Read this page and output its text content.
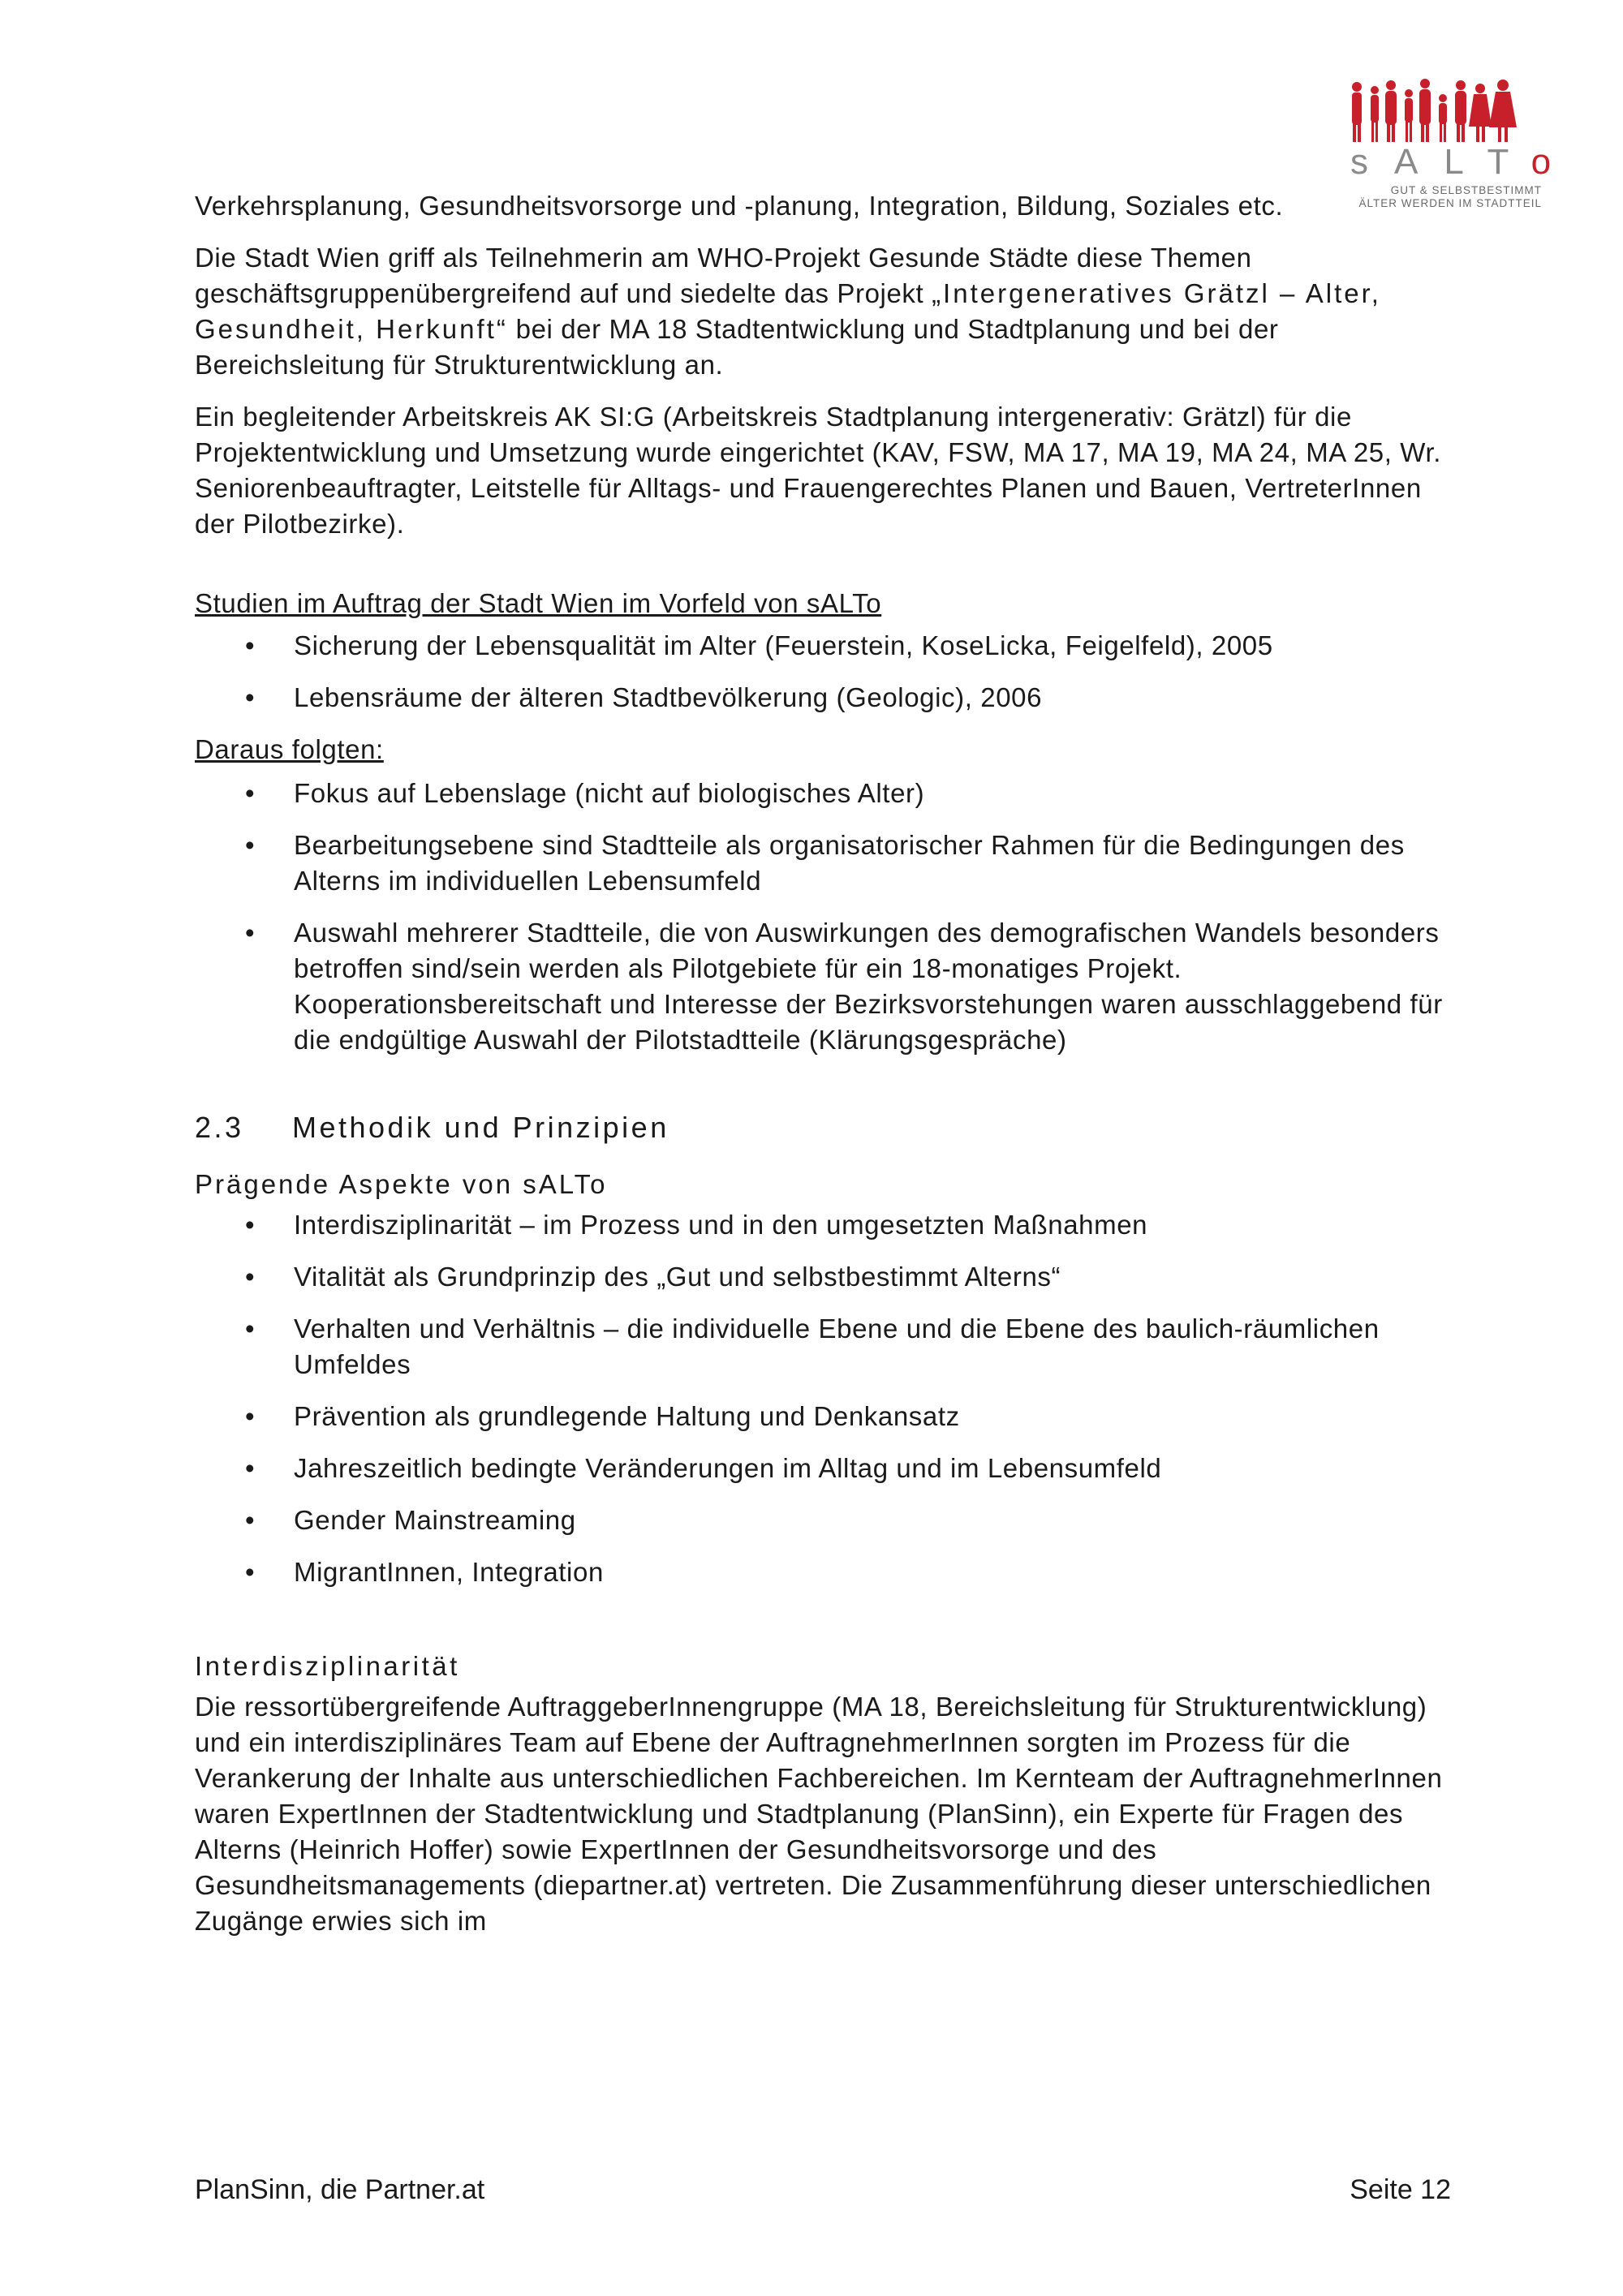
sALTo
GUT & SELBSTBESTIMMT
ÄLTER WERDEN IM STADTTEIL

Verkehrsplanung, Gesundheitsvorsorge und -planung, Integration, Bildung, Soziales etc.

Die Stadt Wien griff als Teilnehmerin am WHO-Projekt Gesunde Städte diese Themen geschäftsgruppenübergreifend auf und siedelte das Projekt „Intergeneratives Grätzl – Alter, Gesundheit, Herkunft“ bei der MA 18 Stadtentwicklung und Stadtplanung und bei der Bereichsleitung für Strukturentwicklung an.

Ein begleitender Arbeitskreis AK SI:G (Arbeitskreis Stadtplanung intergenerativ: Grätzl) für die Projektentwicklung und Umsetzung wurde eingerichtet (KAV, FSW, MA 17, MA 19, MA 24, MA 25, Wr. Seniorenbeauftragter, Leitstelle für Alltags- und Frauengerechtes Planen und Bauen, VertreterInnen der Pilotbezirke).

Studien im Auftrag der Stadt Wien im Vorfeld von sALTo
• Sicherung der Lebensqualität im Alter (Feuerstein, KoseLicka, Feigelfeld), 2005
• Lebensräume der älteren Stadtbevölkerung (Geologic), 2006
Daraus folgten:
• Fokus auf Lebenslage (nicht auf biologisches Alter)
• Bearbeitungsebene sind Stadtteile als organisatorischer Rahmen für die Bedingungen des Alterns im individuellen Lebensumfeld
• Auswahl mehrerer Stadtteile, die von Auswirkungen des demografischen Wandels besonders betroffen sind/sein werden als Pilotgebiete für ein 18-monatiges Projekt. Kooperationsbereitschaft und Interesse der Bezirksvorstehungen waren ausschlaggebend für die endgültige Auswahl der Pilotstadtteile (Klärungsgespräche)
2.3 Methodik und Prinzipien
Prägende Aspekte von sALTo
• Interdisziplinarität – im Prozess und in den umgesetzten Maßnahmen
• Vitalität als Grundprinzip des „Gut und selbstbestimmt Alterns“
• Verhalten und Verhältnis – die individuelle Ebene und die Ebene des baulich-räumlichen Umfeldes
• Prävention als grundlegende Haltung und Denkansatz
• Jahreszeitlich bedingte Veränderungen im Alltag und im Lebensumfeld
• Gender Mainstreaming
• MigrantInnen, Integration
Interdisziplinarität

Die ressortübergreifende AuftraggeberInnengruppe (MA 18, Bereichsleitung für Strukturentwicklung) und ein interdisziplinäres Team auf Ebene der AuftragnehmerInnen sorgten im Prozess für die Verankerung der Inhalte aus unterschiedlichen Fachbereichen. Im Kernteam der AuftragnehmerInnen waren ExpertInnen der Stadtentwicklung und Stadtplanung (PlanSinn), ein Experte für Fragen des Alterns (Heinrich Hoffer) sowie ExpertInnen der Gesundheitsvorsorge und des Gesundheitsmanagements (diepartner.at) vertreten. Die Zusammenführung dieser unterschiedlichen Zugänge erwies sich im

PlanSinn, die Partner.at	Seite 12
